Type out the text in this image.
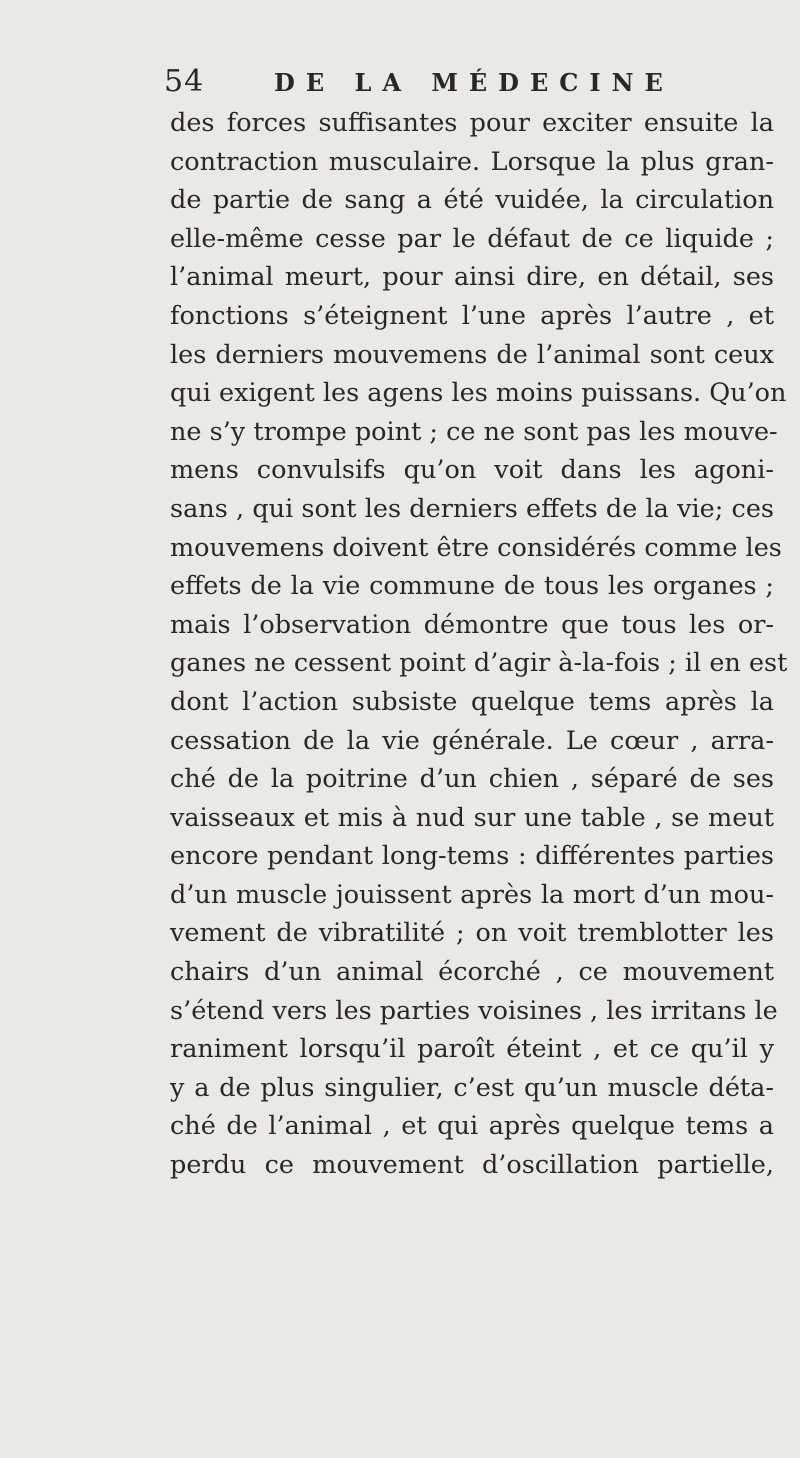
54	DE LA MÉDECINE
des forces suffisantes pour exciter ensuite la
contraction musculaire. Lorsque la plus gran-
de partie de sang a été vuidée, la circulation
elle-même cesse par le défaut de ce liquide ;
l’animal meurt, pour ainsi dire, en détail, ses
fonctions s’éteignent l’une après l’autre , et
les derniers mouvemens de l’animal sont ceux
qui exigent les agens les moins puissans. Qu’on
ne s’y trompe point ; ce ne sont pas les mouve-
mens convulsifs qu’on voit dans les agoni-
sans , qui sont les derniers effets de la vie; ces
mouvemens doivent être considérés comme les
effets de la vie commune de tous les organes ;
mais l’observation démontre que tous les or-
ganes ne cessent point d’agir à-la-fois ; il en est
dont l’action subsiste quelque tems après la
cessation de la vie générale. Le cœur , arra-
ché de la poitrine d’un chien , séparé de ses
vaisseaux et mis à nud sur une table , se meut
encore pendant long-tems : différentes parties
d’un muscle jouissent après la mort d’un mou-
vement de vibratilité ; on voit tremblotter les
chairs d’un animal écorché , ce mouvement
s’étend vers les parties voisines , les irritans le
raniment lorsqu’il paroît éteint , et ce qu’il y
y a de plus singulier, c’est qu’un muscle déta-
ché de l’animal , et qui après quelque tems a
perdu ce mouvement d’oscillation partielle,
